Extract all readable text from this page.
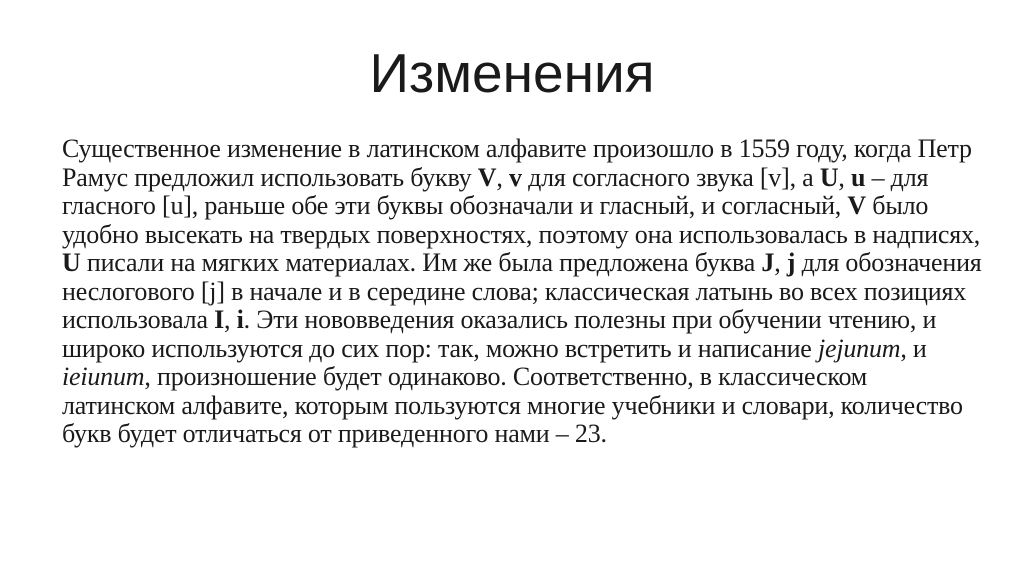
Изменения
Существенное изменение в латинском алфавите произошло в 1559 году, когда Петр Рамус предложил использовать букву V, v для согласного звука [v], а U, u – для гласного [u], раньше обе эти буквы обозначали и гласный, и согласный, V было удобно высекать на твердых поверхностях, поэтому она использовалась в надписях, U писали на мягких материалах. Им же была предложена буква J, j для обозначения неслогового [j] в начале и в середине слова; классическая латынь во всех позициях использовала I, i. Эти нововведения оказались полезны при обучении чтению, и широко используются до сих пор: так, можно встретить и написание jejunum, и  ieiunum, произношение будет одинаково. Соответственно, в классическом латинском алфавите, которым пользуются многие учебники и словари, количество букв будет отличаться от приведенного нами – 23.
